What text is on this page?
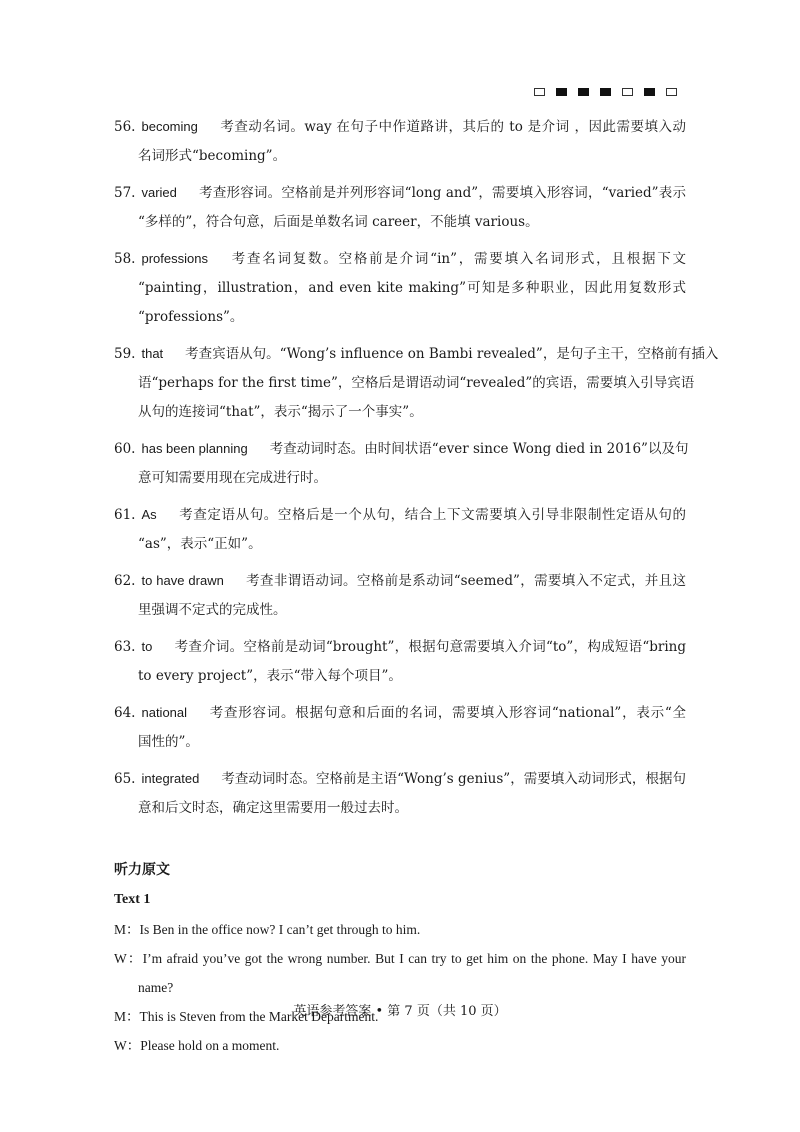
56. becoming 考查动名词。way 在句子中作道路讲，其后的 to 是介词 ，因此需要填入动
名词形式“becoming”。
57. varied 考查形容词。空格前是并列形容词“long and”，需要填入形容词，“varied”表示
“多样的”，符合句意，后面是单数名词 career，不能填 various。
58. professions 考查名词复数。空格前是介词“in”，需要填入名词形式，且根据下文
“painting，illustration，and even kite making”可知是多种职业，因此用复数形式
“professions”。
59. that 考查宾语从句。“Wong’s influence on Bambi revealed”，是句子主干，空格前有插入
语“perhaps for the first time”，空格后是谓语动词“revealed”的宾语，需要填入引导宾语
从句的连接词“that”，表示“揭示了一个事实”。
60. has been planning 考查动词时态。由时间状语“ever since Wong died in 2016”以及句
意可知需要用现在完成进行时。
61. As 考查定语从句。空格后是一个从句，结合上下文需要填入引导非限制性定语从句的
“as”，表示“正如”。
62. to have drawn 考查非谓语动词。空格前是系动词“seemed”，需要填入不定式，并且这
里强调不定式的完成性。
63. to 考查介词。空格前是动词“brought”，根据句意需要填入介词“to”，构成短语“bring
to every project”，表示“带入每个项目”。
64. national 考查形容词。根据句意和后面的名词，需要填入形容词“national”，表示“全
国性的”。
65. integrated 考查动词时态。空格前是主语“Wong’s genius”，需要填入动词形式，根据句
意和后文时态，确定这里需要用一般过去时。
听力原文
Text 1
M：Is Ben in the office now? I can’t get through to him.
W：I’m afraid you’ve got the wrong number. But I can try to get him on the phone. May I have your
name?
M：This is Steven from the Market Department.
W：Please hold on a moment.
英语参考答案 • 第 7 页（共 10 页）
